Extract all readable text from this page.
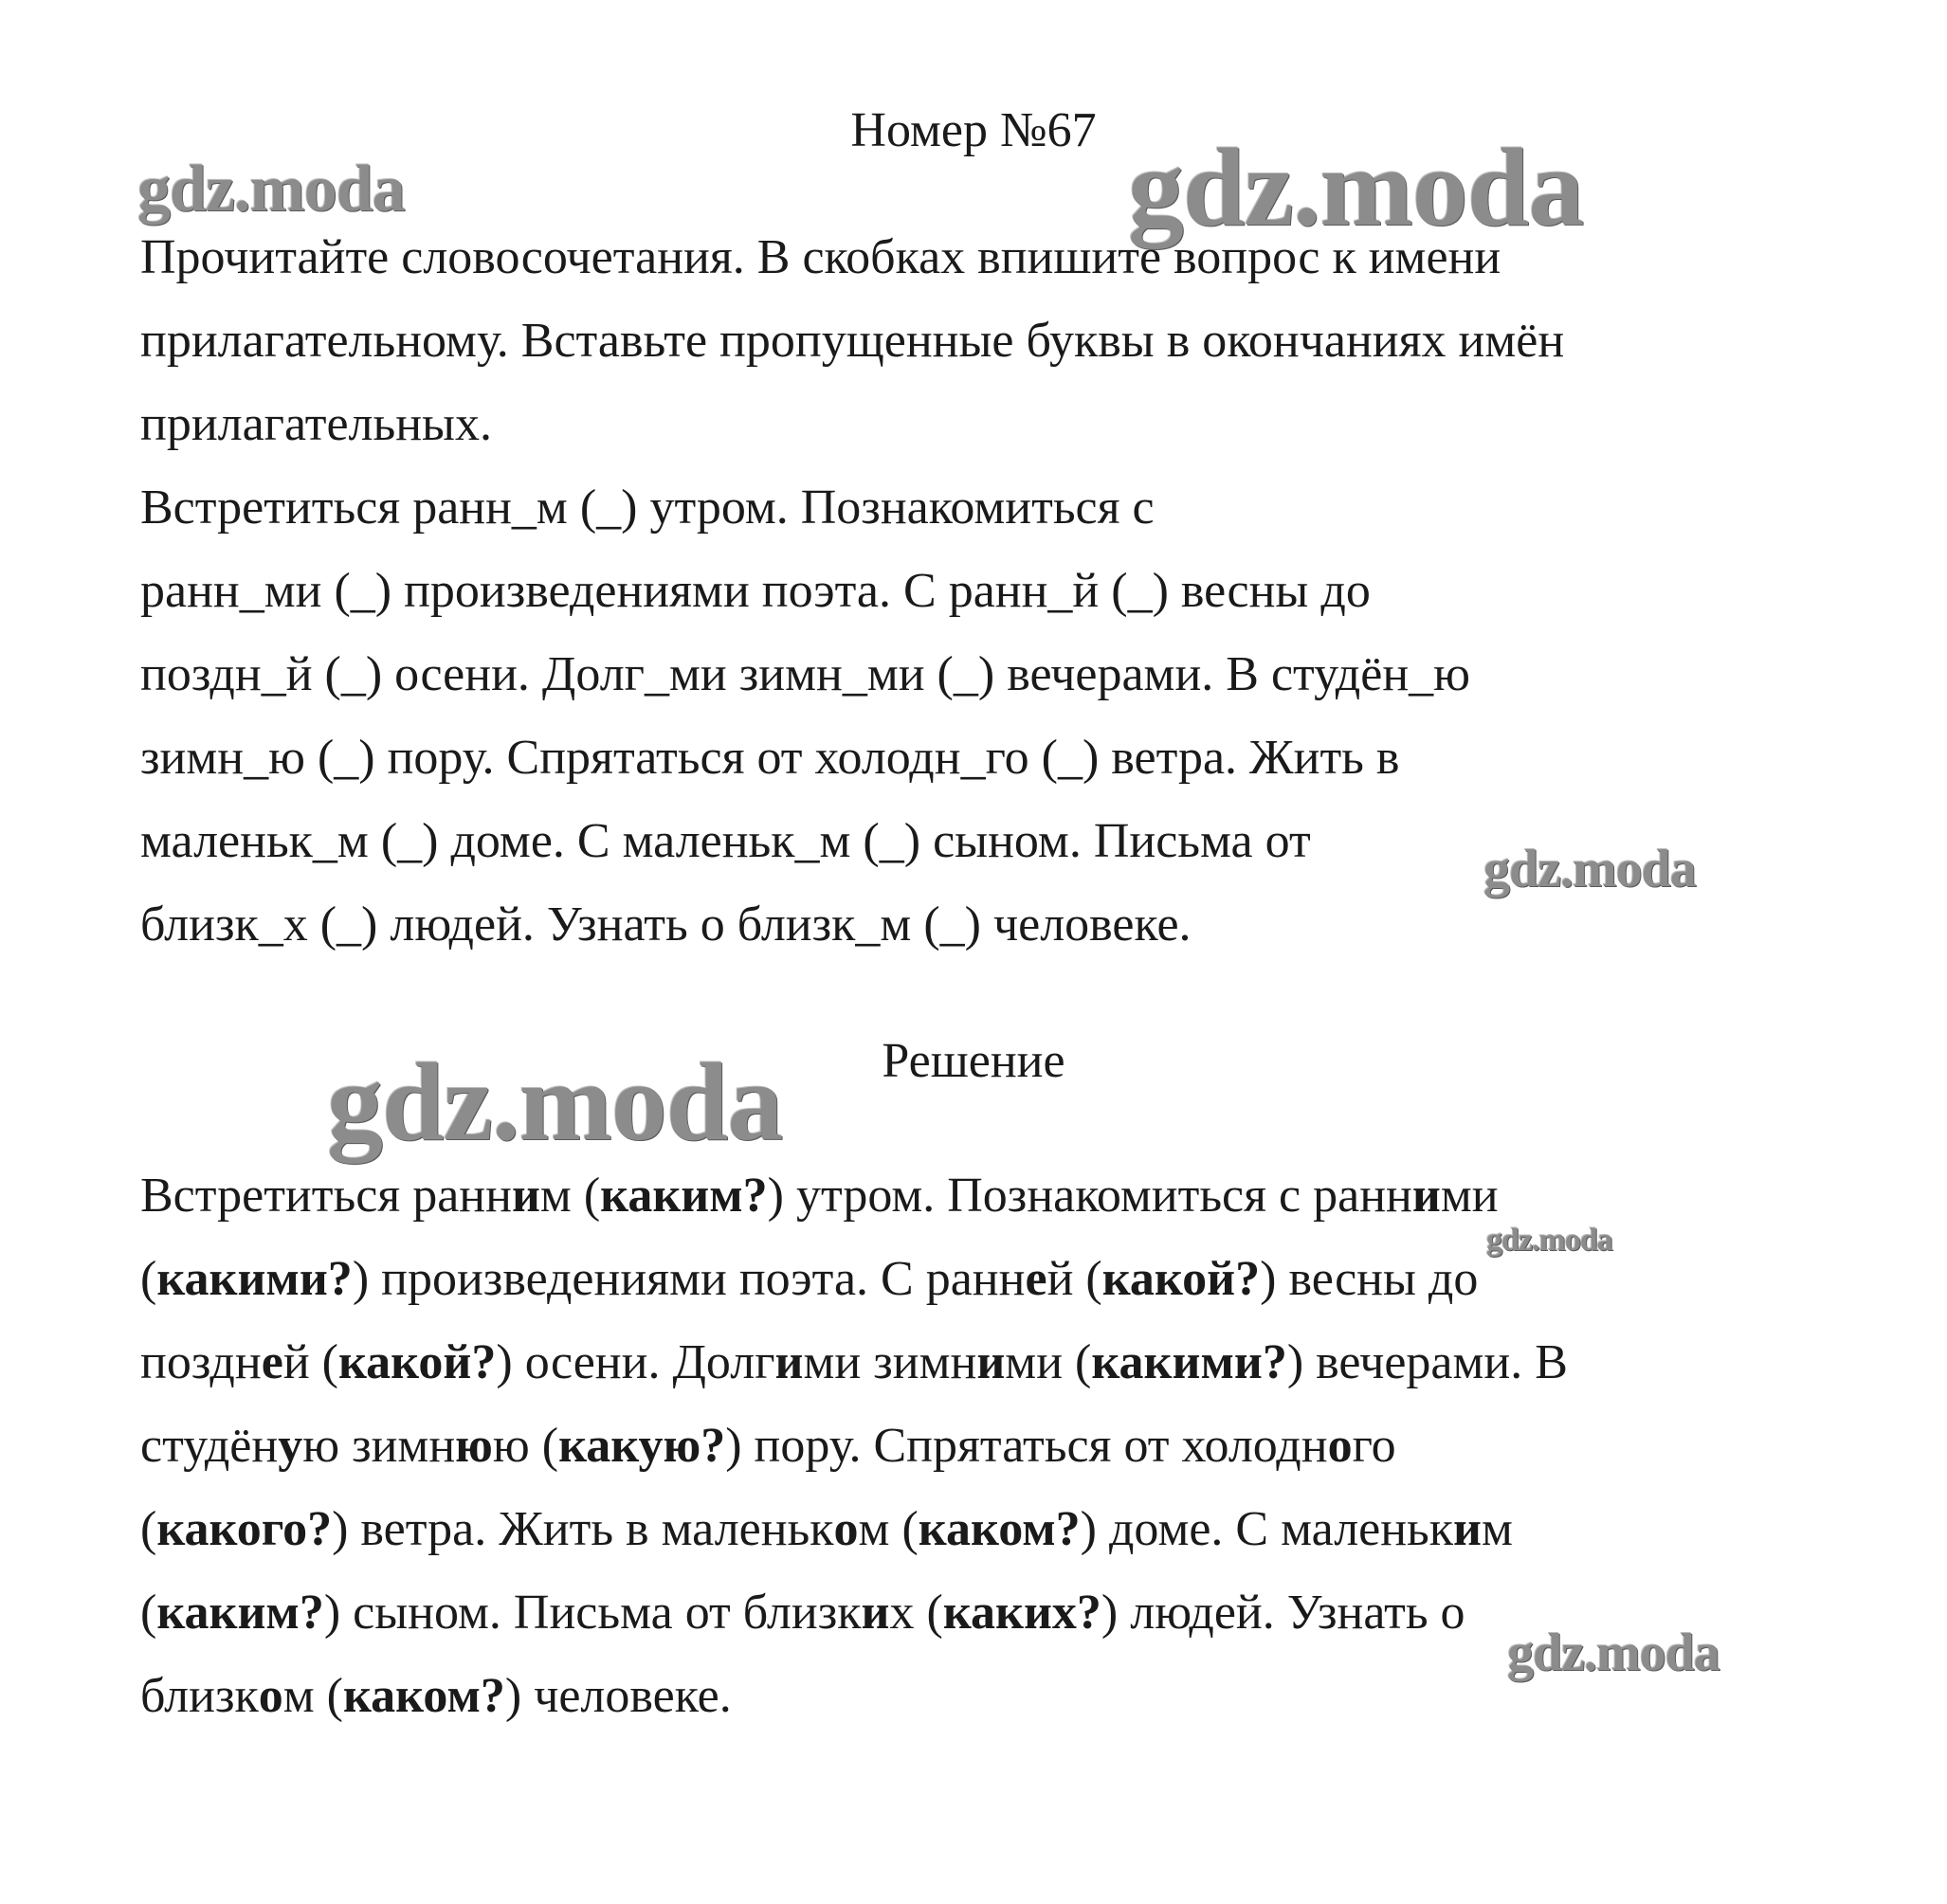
Номер №67
Прочитайте словосочетания. В скобках впишите вопрос к имени
прилагательному. Вставьте пропущенные буквы в окончаниях имён
прилагательных.
Встретиться ранн_м (_) утром. Познакомиться с
ранн_ми (_) произведениями поэта. С ранн_й (_) весны до
поздн_й (_) осени. Долг_ми зимн_ми (_) вечерами. В студён_ю
зимн_ю (_) пору. Спрятаться от холодн_го (_) ветра. Жить в
маленьк_м (_) доме. С маленьк_м (_) сыном. Письма от
близк_х (_) людей. Узнать о близк_м (_) человеке.
Решение
Встретиться ранним (каким?) утром. Познакомиться с ранними
(какими?) произведениями поэта. С ранней (какой?) весны до
поздней (какой?) осени. Долгими зимними (какими?) вечерами. В
студёную зимнюю (какую?) пору. Спрятаться от холодного
(какого?) ветра. Жить в маленьком (каком?) доме. С маленьким
(каким?) сыном. Письма от близких (каких?) людей. Узнать о
близком (каком?) человеке.
gdz.moda	gdz.moda
gdz.moda
gdz.moda
gdz.moda
gdz.moda
